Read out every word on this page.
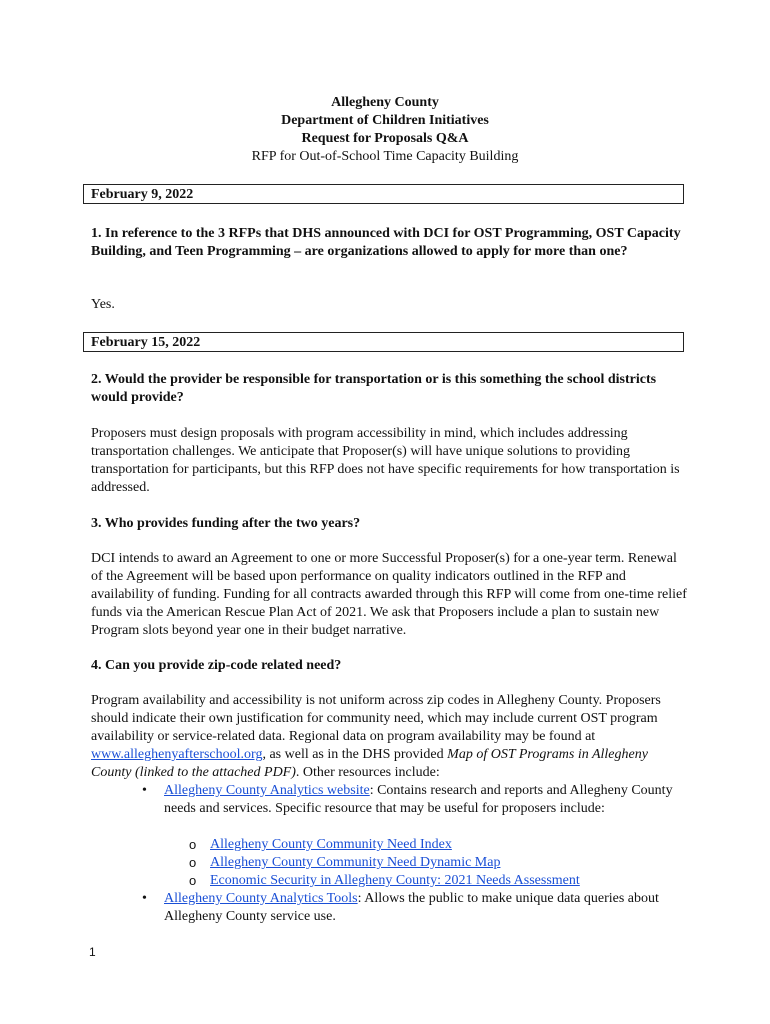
Allegheny County
Department of Children Initiatives
Request for Proposals Q&A
RFP for Out-of-School Time Capacity Building
February 9, 2022
1. In reference to the 3 RFPs that DHS announced with DCI for OST Programming, OST Capacity Building, and Teen Programming – are organizations allowed to apply for more than one?
Yes.
February 15, 2022
2. Would the provider be responsible for transportation or is this something the school districts would provide?
Proposers must design proposals with program accessibility in mind, which includes addressing transportation challenges. We anticipate that Proposer(s) will have unique solutions to providing transportation for participants, but this RFP does not have specific requirements for how transportation is addressed.
3. Who provides funding after the two years?
DCI intends to award an Agreement to one or more Successful Proposer(s) for a one-year term. Renewal of the Agreement will be based upon performance on quality indicators outlined in the RFP and availability of funding. Funding for all contracts awarded through this RFP will come from one-time relief funds via the American Rescue Plan Act of 2021. We ask that Proposers include a plan to sustain new Program slots beyond year one in their budget narrative.
4. Can you provide zip-code related need?
Program availability and accessibility is not uniform across zip codes in Allegheny County. Proposers should indicate their own justification for community need, which may include current OST program availability or service-related data. Regional data on program availability may be found at www.alleghenyafterschool.org, as well as in the DHS provided Map of OST Programs in Allegheny County (linked to the attached PDF). Other resources include:
• Allegheny County Analytics website: Contains research and reports and Allegheny County needs and services. Specific resource that may be useful for proposers include:
o Allegheny County Community Need Index
o Allegheny County Community Need Dynamic Map
o Economic Security in Allegheny County: 2021 Needs Assessment
• Allegheny County Analytics Tools: Allows the public to make unique data queries about Allegheny County service use.
1
